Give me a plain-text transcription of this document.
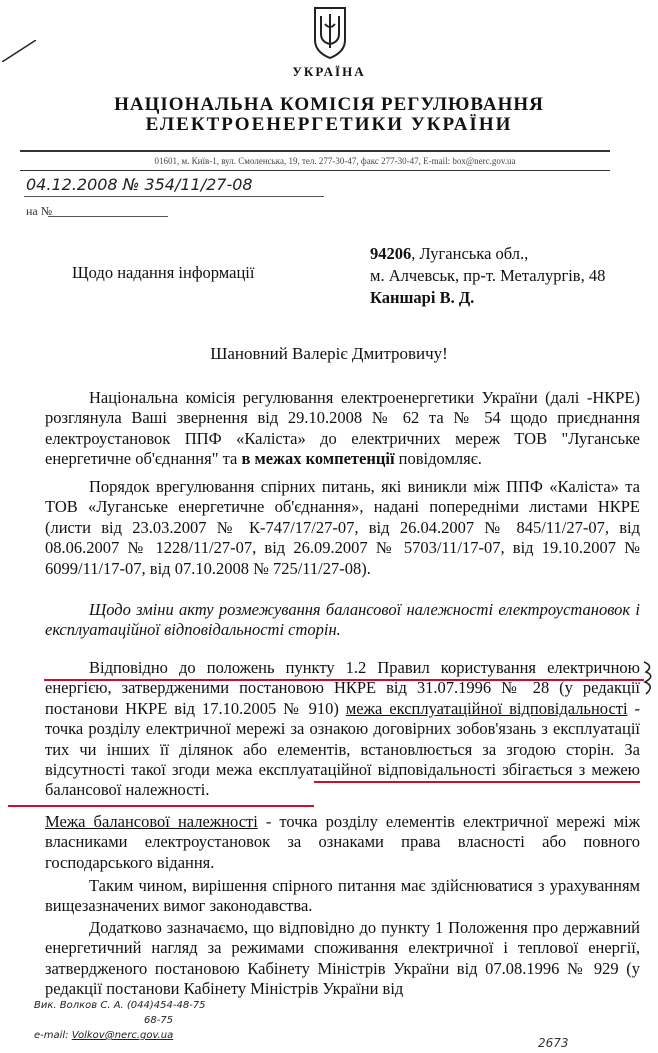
УКРАЇНА
НАЦІОНАЛЬНА КОМІСІЯ РЕГУЛЮВАННЯ
ЕЛЕКТРОЕНЕРГЕТИКИ УКРАЇНИ
01601, м. Київ-1, вул. Смоленська, 19, тел. 277-30-47, факс 277-30-47, E-mail: box@nerc.gov.ua
04.12.2008 № 354/11/27-08
на №
Щодо надання інформації
94206, Луганська обл.,
м. Алчевськ, пр-т. Металургів, 48
Каншарі В. Д.
Шановний Валеріє Дмитровичу!

Національна комісія регулювання електроенергетики України (далі -НКРЕ) розглянула Ваші звернення від 29.10.2008 № 62 та № 54 щодо приєднання електроустановок ППФ «Каліста» до електричних мереж ТОВ "Луганське енергетичне об'єднання" та в межах компетенції повідомляє.

Порядок врегулювання спірних питань, які виникли між ППФ «Каліста» та ТОВ «Луганське енергетичне об'єднання», надані попередніми листами НКРЕ (листи від 23.03.2007 № К-747/17/27-07, від 26.04.2007 № 845/11/27-07, від 08.06.2007 № 1228/11/27-07, від 26.09.2007 № 5703/11/17-07, від 19.10.2007 № 6099/11/17-07, від 07.10.2008 № 725/11/27-08).

Щодо зміни акту розмежування балансової належності електроустановок і експлуатаційної відповідальності сторін.

Відповідно до положень пункту 1.2 Правил користування електричною енергією, затвердженими постановою НКРЕ від 31.07.1996 № 28 (у редакції постанови НКРЕ від 17.10.2005 № 910) межа експлуатаційної відповідальності - точка розділу електричної мережі за ознакою договірних зобов'язань з експлуатації тих чи інших її ділянок або елементів, встановлюється за згодою сторін. За відсутності такої згоди межа експлуатаційної відповідальності збігається з межею балансової належності.

Межа балансової належності - точка розділу елементів електричної мережі між власниками електроустановок за ознаками права власності або повного господарського відання.

Таким чином, вирішення спірного питання має здійснюватися з урахуванням вищезазначених вимог законодавства.

Додатково зазначаємо, що відповідно до пункту 1 Положення про державний енергетичний нагляд за режимами споживання електричної і теплової енергії, затвердженого постановою Кабінету Міністрів України від 07.08.1996 № 929 (у редакції постанови Кабінету Міністрів України від

Вик. Волков С. А. (044)454-48-75
68-75
e-mail: Volkov@nerc.gov.ua
2673
